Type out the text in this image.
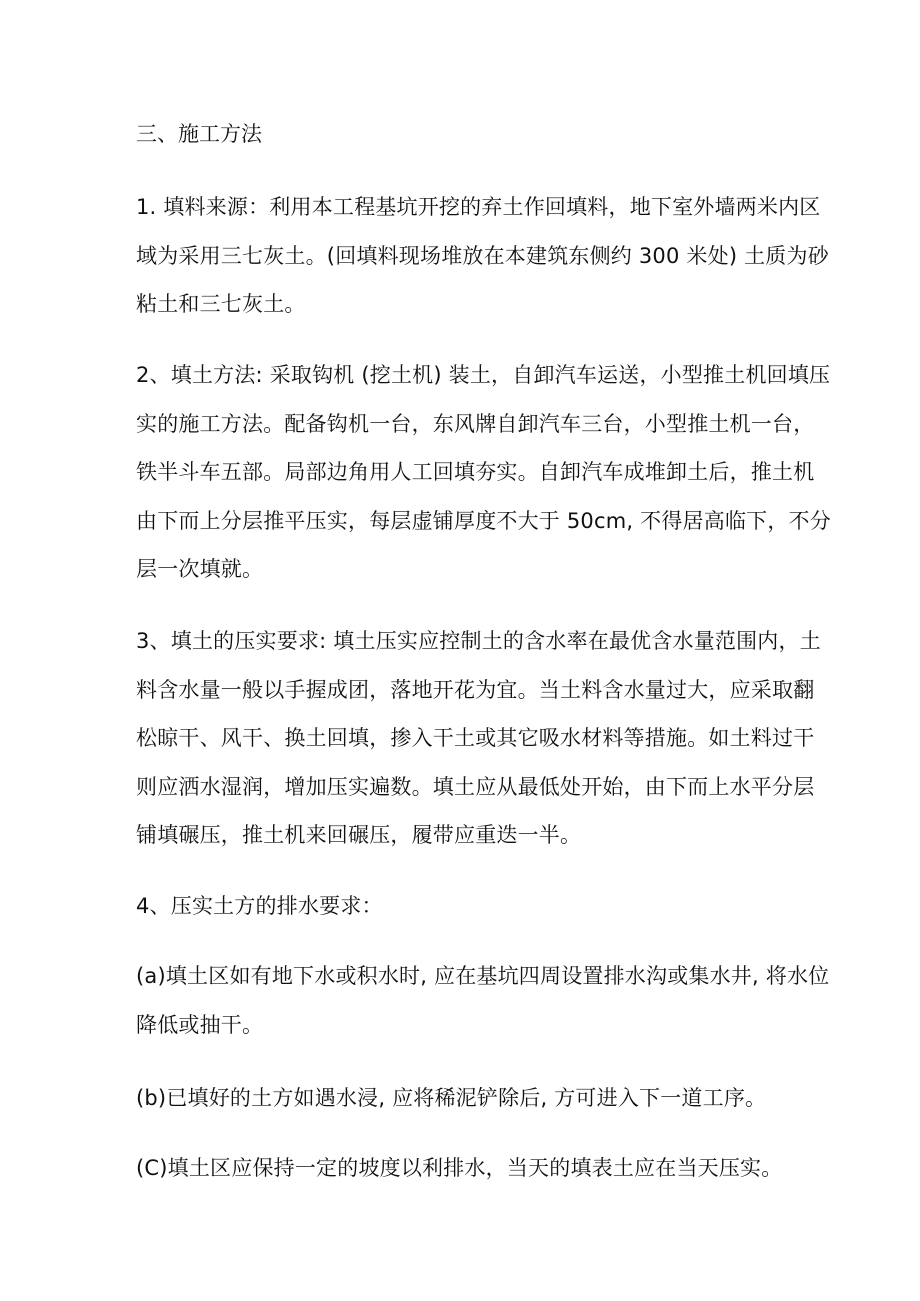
三、施工方法
1. 填料来源：利用本工程基坑开挖的弃土作回填料，地下室外墙两米内区
域为采用三七灰土。(回填料现场堆放在本建筑东侧约 300 米处) 土质为砂
粘土和三七灰土。
2、填土方法: 采取钩机 (挖土机) 装土，自卸汽车运送，小型推土机回填压
实的施工方法。配备钩机一台，东风牌自卸汽车三台，小型推土机一台，
铁半斗车五部。局部边角用人工回填夯实。自卸汽车成堆卸土后，推土机
由下而上分层推平压实，每层虚铺厚度不大于 50cm, 不得居高临下，不分
层一次填就。
3、填土的压实要求: 填土压实应控制土的含水率在最优含水量范围内，土
料含水量一般以手握成团，落地开花为宜。当土料含水量过大，应采取翻
松晾干、风干、换土回填，掺入干土或其它吸水材料等措施。如土料过干
则应洒水湿润，增加压实遍数。填土应从最低处开始，由下而上水平分层
铺填碾压，推土机来回碾压，履带应重迭一半。
4、压实土方的排水要求：
(a)填土区如有地下水或积水时, 应在基坑四周设置排水沟或集水井, 将水位
降低或抽干。
(b)已填好的土方如遇水浸, 应将稀泥铲除后, 方可进入下一道工序。
(C)填土区应保持一定的坡度以利排水，当天的填表土应在当天压实。
